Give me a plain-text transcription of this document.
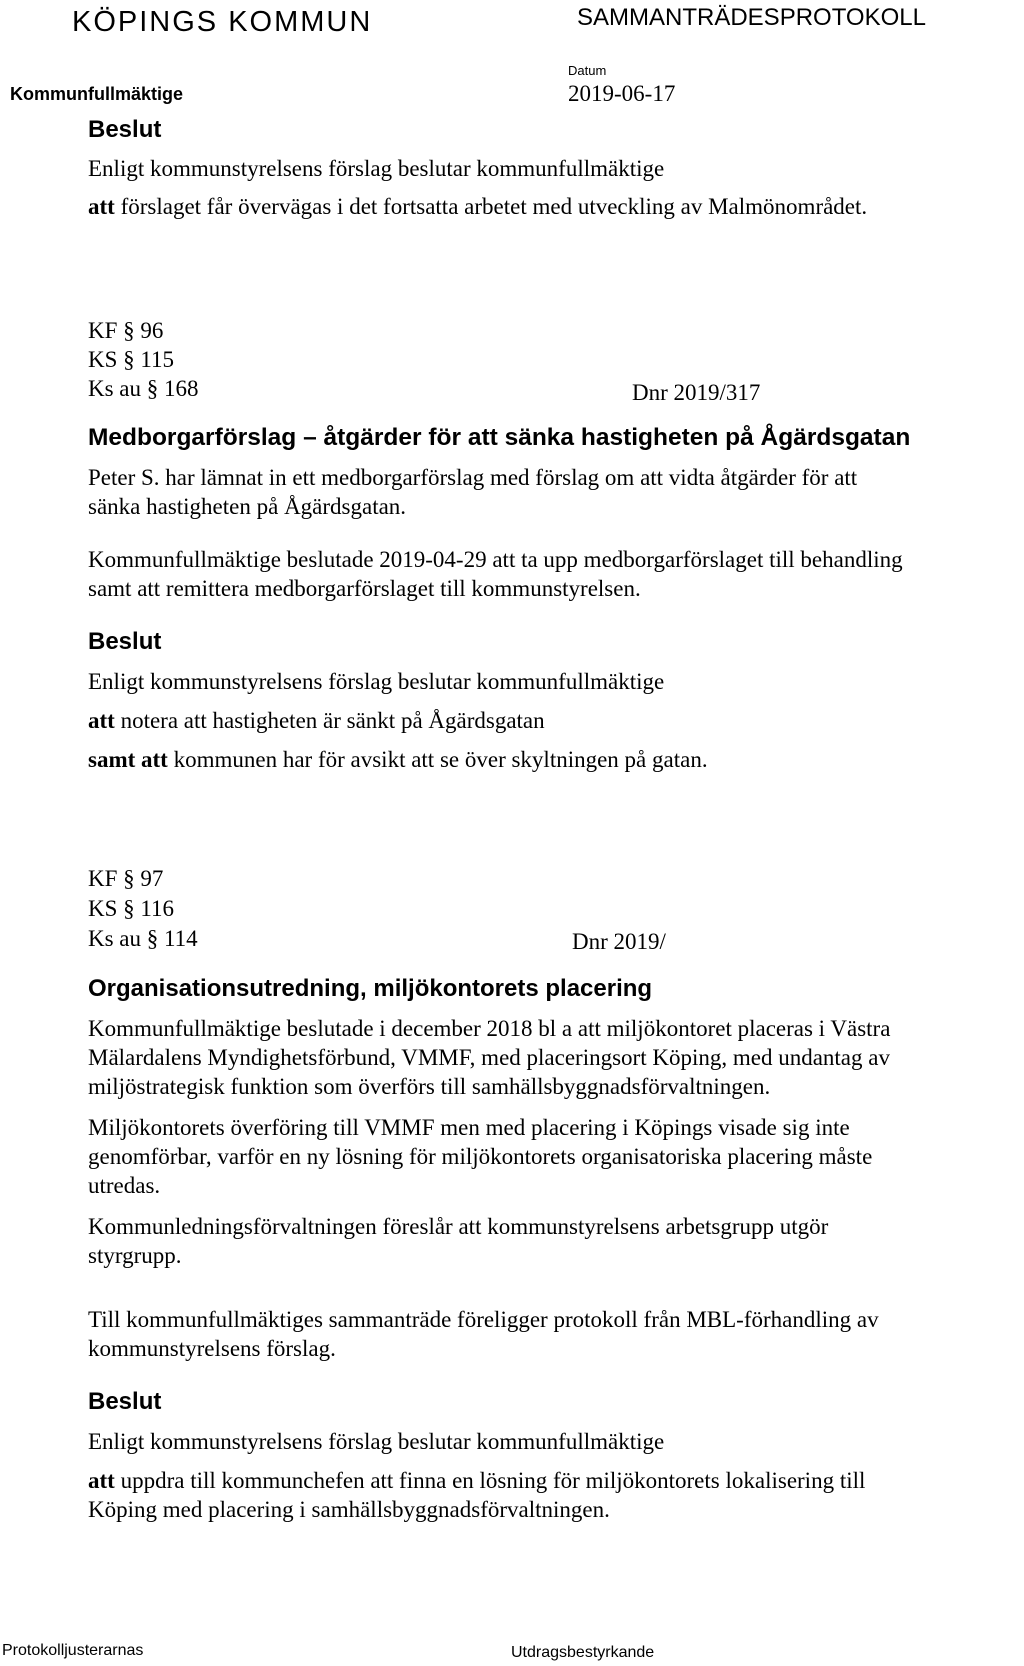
KÖPINGS KOMMUN	SAMMANTRÄDESPROTOKOLL
Datum
2019-06-17
Kommunfullmäktige
Beslut
Enligt kommunstyrelsens förslag beslutar kommunfullmäktige
att förslaget får övervägas i det fortsatta arbetet med utveckling av Malmönområdet.
KF § 96
KS § 115
Ks au § 168	Dnr 2019/317
Medborgarförslag – åtgärder för att sänka hastigheten på Ågärdsgatan
Peter S. har lämnat in ett medborgarförslag med förslag om att vidta åtgärder för att
sänka hastigheten på Ågärdsgatan.
Kommunfullmäktige beslutade 2019-04-29 att ta upp medborgarförslaget till behandling
samt att remittera medborgarförslaget till kommunstyrelsen.
Beslut
Enligt kommunstyrelsens förslag beslutar kommunfullmäktige
att notera att hastigheten är sänkt på Ågärdsgatan
samt att kommunen har för avsikt att se över skyltningen på gatan.
KF § 97
KS § 116
Ks au § 114	Dnr 2019/
Organisationsutredning, miljökontorets placering
Kommunfullmäktige beslutade i december 2018 bl a att miljökontoret placeras i Västra
Mälardalens Myndighetsförbund, VMMF, med placeringsort Köping, med undantag av
miljöstrategisk funktion som överförs till samhällsbyggnadsförvaltningen.
Miljökontorets överföring till VMMF men med placering i Köpings visade sig inte
genomförbar, varför en ny lösning för miljökontorets organisatoriska placering måste
utredas.
Kommunledningsförvaltningen föreslår att kommunstyrelsens arbetsgrupp utgör
styrgrupp.
Till kommunfullmäktiges sammanträde föreligger protokoll från MBL-förhandling av
kommunstyrelsens förslag.
Beslut
Enligt kommunstyrelsens förslag beslutar kommunfullmäktige
att uppdra till kommunchefen att finna en lösning för miljökontorets lokalisering till
Köping med placering i samhällsbyggnadsförvaltningen.
Protokolljusterarnas	Utdragsbestyrkande
